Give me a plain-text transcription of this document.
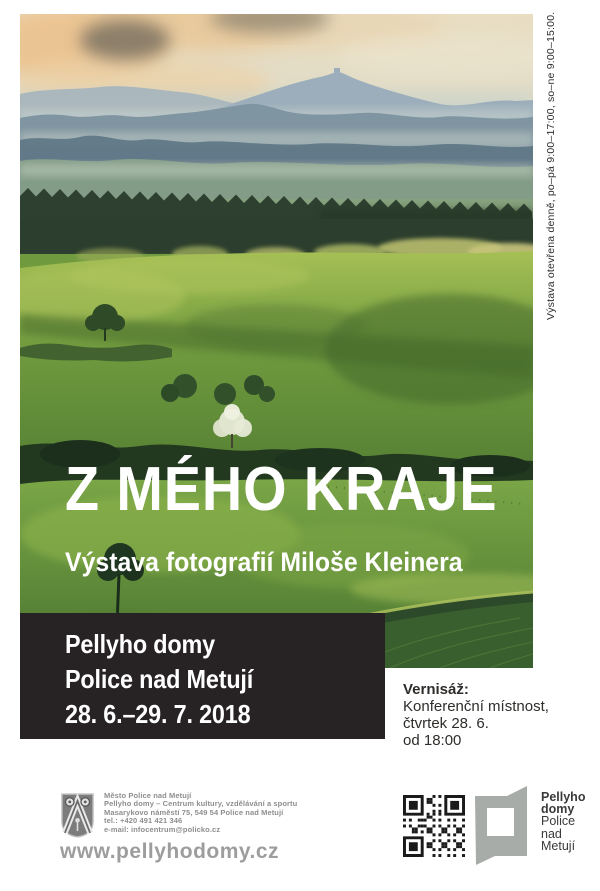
Z MÉHO KRAJE
Výstava fotografií Miloše Kleinera
Výstava otevřena denně, po–pá 9:00–17:00, so–ne 9:00–15:00.
Pellyho domy
Police nad Metují
28. 6.–29. 7. 2018
Vernisáž:
Konferenční místnost,
čtvrtek 28. 6.
od 18:00
Město Police nad Metují
Pellyho domy – Centrum kultury, vzdělávání a sportu
Masarykovo náměstí 75, 549 54 Police nad Metují
tel.: +420 491 421 346
e-mail: infocentrum@policko.cz
www.pellyhodomy.cz
Pellyho
domy
Police
nad
Metují
